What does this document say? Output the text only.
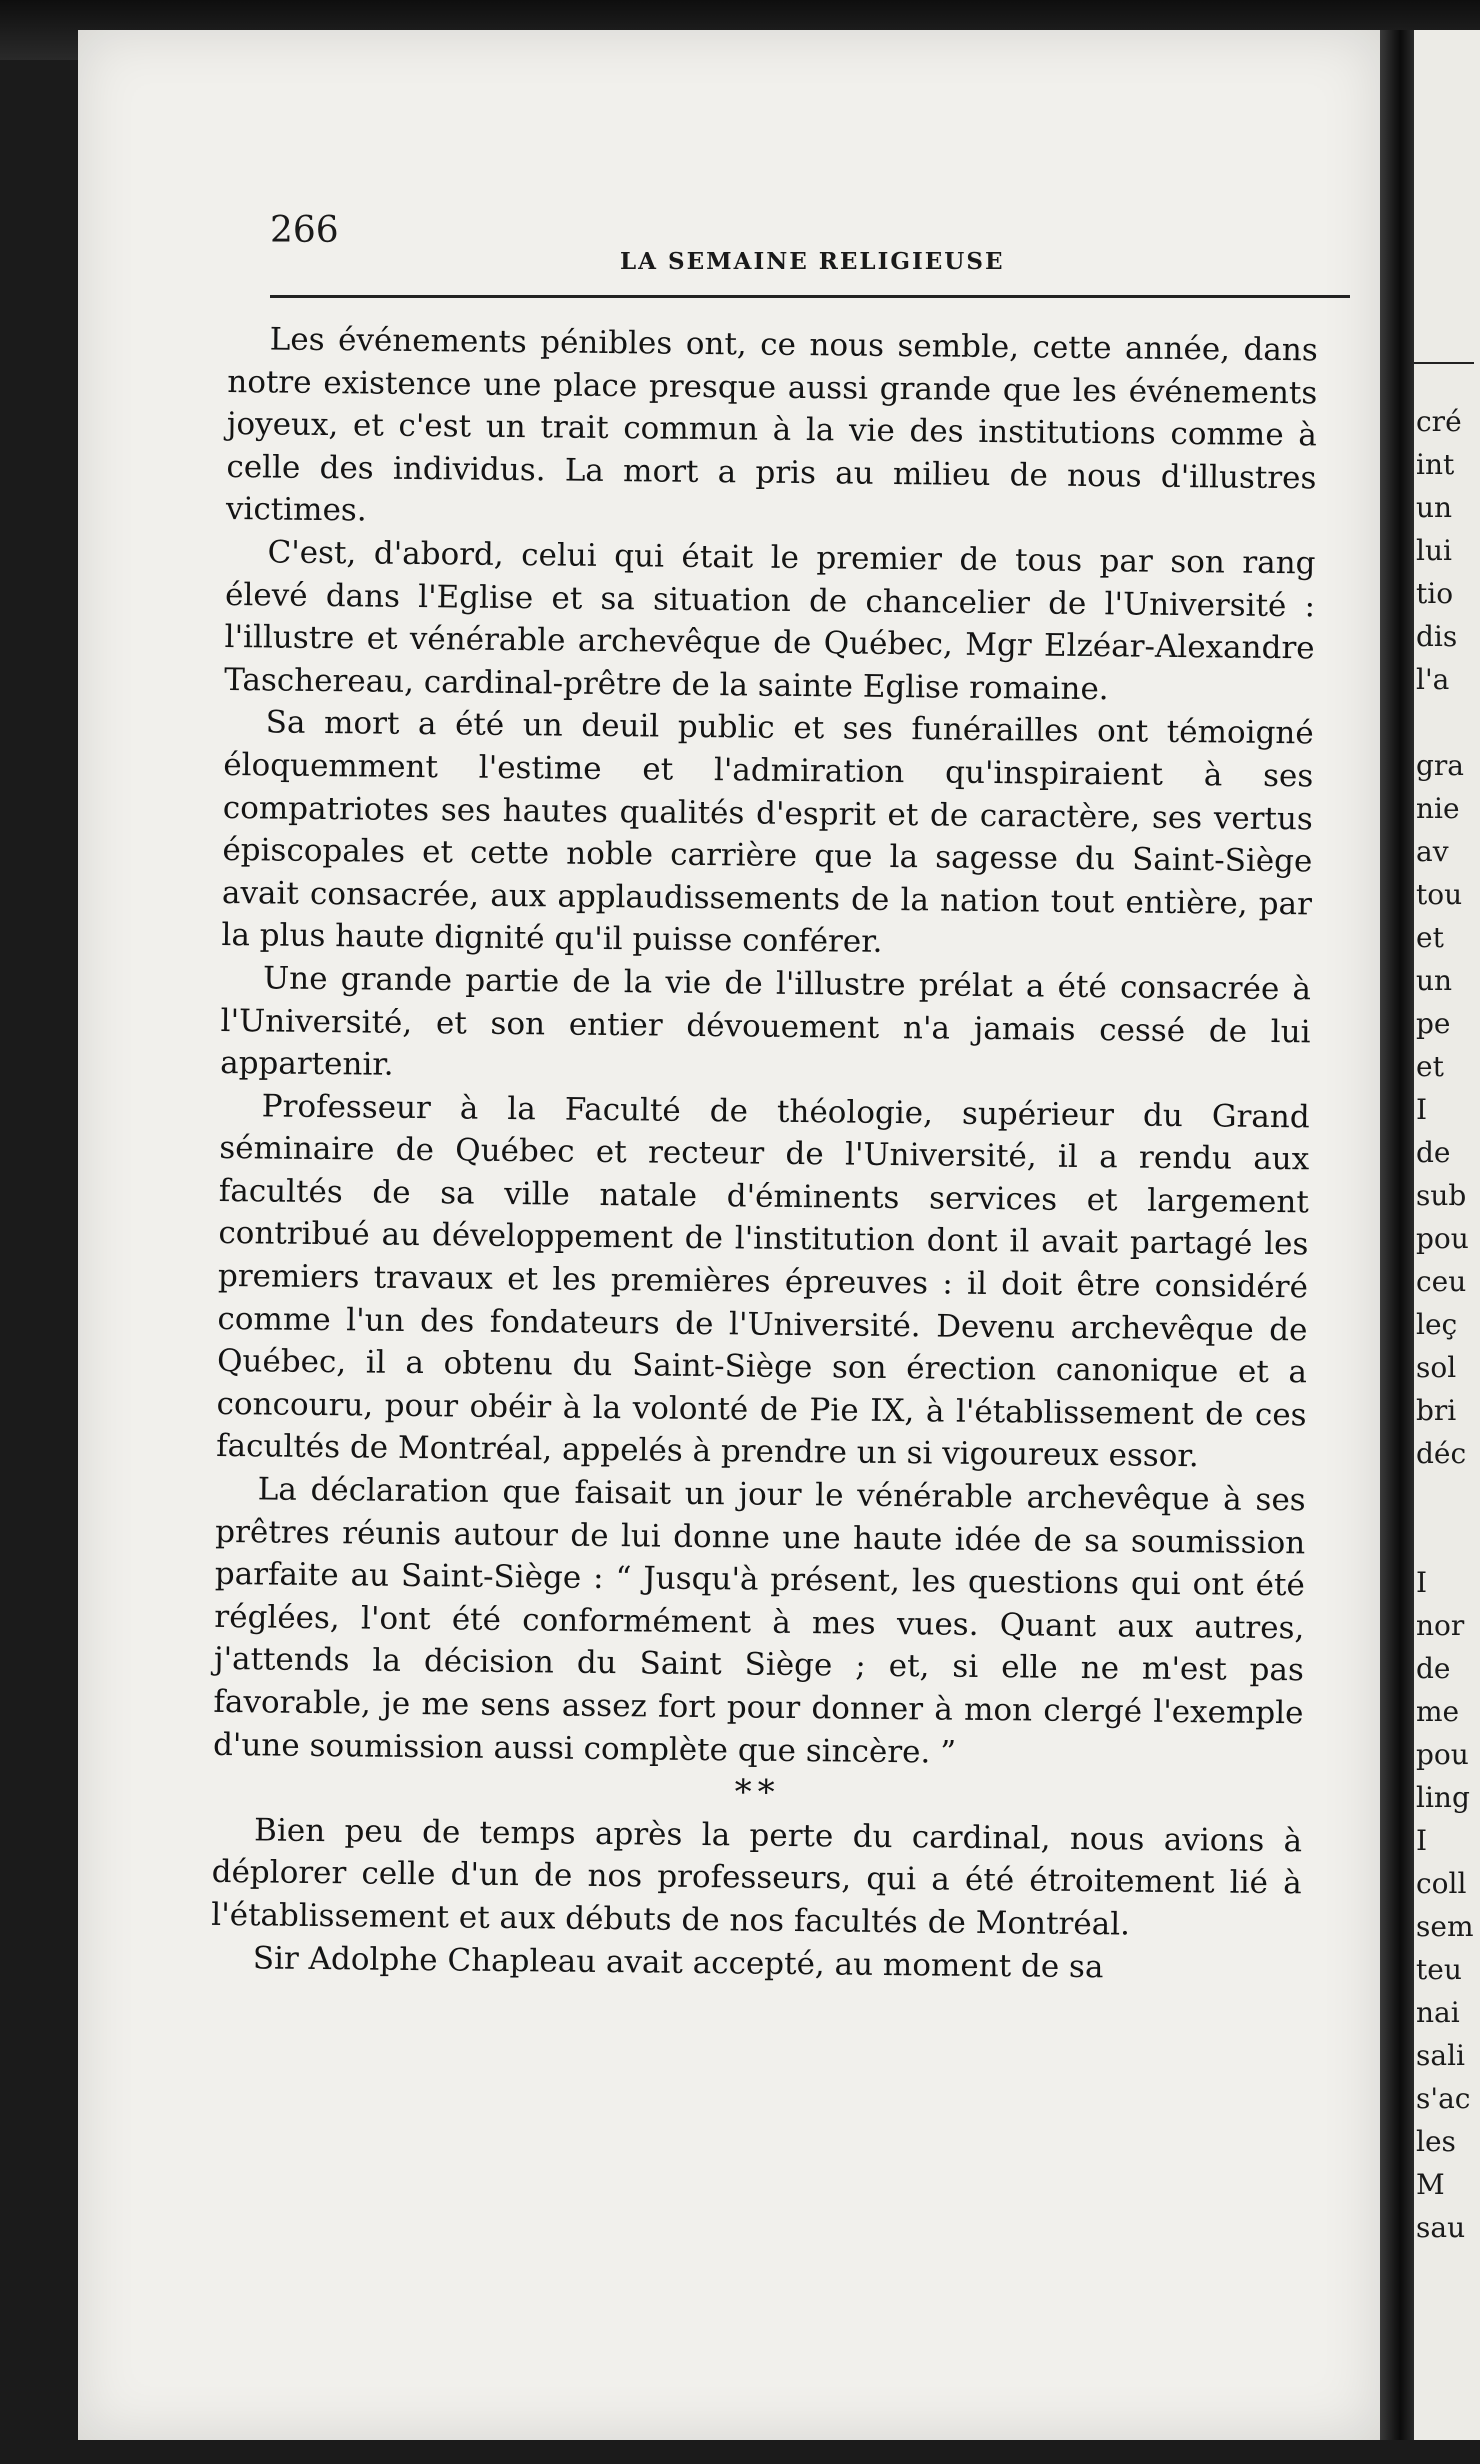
cré
int
un
lui
tio
dis
l'a

gra
nie
av
tou
et
un
pe
et
I
de
sub
pou
ceu
leç
sol
bri
déc

I
nor
de
me
pou
ling
I
coll
sem
teu
nai
sali
s'ac
les
M
sau
266
LA SEMAINE RELIGIEUSE

Les événements pénibles ont, ce nous semble, cette année, dans notre existence une place presque aussi grande que les événements joyeux, et c'est un trait commun à la vie des institutions comme à celle des individus. La mort a pris au milieu de nous d'illustres victimes.

C'est, d'abord, celui qui était le premier de tous par son rang élevé dans l'Eglise et sa situation de chancelier de l'Université : l'illustre et vénérable archevêque de Québec, Mgr Elzéar-Alexandre Taschereau, cardinal-prêtre de la sainte Eglise romaine.

Sa mort a été un deuil public et ses funérailles ont témoigné éloquemment l'estime et l'admiration qu'inspiraient à ses compatriotes ses hautes qualités d'esprit et de caractère, ses vertus épiscopales et cette noble carrière que la sagesse du Saint-Siège avait consacrée, aux applaudissements de la nation tout entière, par la plus haute dignité qu'il puisse conférer.

Une grande partie de la vie de l'illustre prélat a été consacrée à l'Université, et son entier dévouement n'a jamais cessé de lui appartenir.

Professeur à la Faculté de théologie, supérieur du Grand séminaire de Québec et recteur de l'Université, il a rendu aux facultés de sa ville natale d'éminents services et largement contribué au développement de l'institution dont il avait partagé les premiers travaux et les premières épreuves : il doit être considéré comme l'un des fondateurs de l'Université. Devenu archevêque de Québec, il a obtenu du Saint-Siège son érection canonique et a concouru, pour obéir à la volonté de Pie IX, à l'établissement de ces facultés de Montréal, appelés à prendre un si vigoureux essor.

La déclaration que faisait un jour le vénérable archevêque à ses prêtres réunis autour de lui donne une haute idée de sa soumission parfaite au Saint-Siège : “ Jusqu'à présent, les questions qui ont été réglées, l'ont été conformément à mes vues. Quant aux autres, j'attends la décision du Saint Siège ; et, si elle ne m'est pas favorable, je me sens assez fort pour donner à mon clergé l'exemple d'une soumission aussi complète que sincère. ”

**

Bien peu de temps après la perte du cardinal, nous avions à déplorer celle d'un de nos professeurs, qui a été étroitement lié à l'établissement et aux débuts de nos facultés de Montréal.

Sir Adolphe Chapleau avait accepté, au moment de sa
